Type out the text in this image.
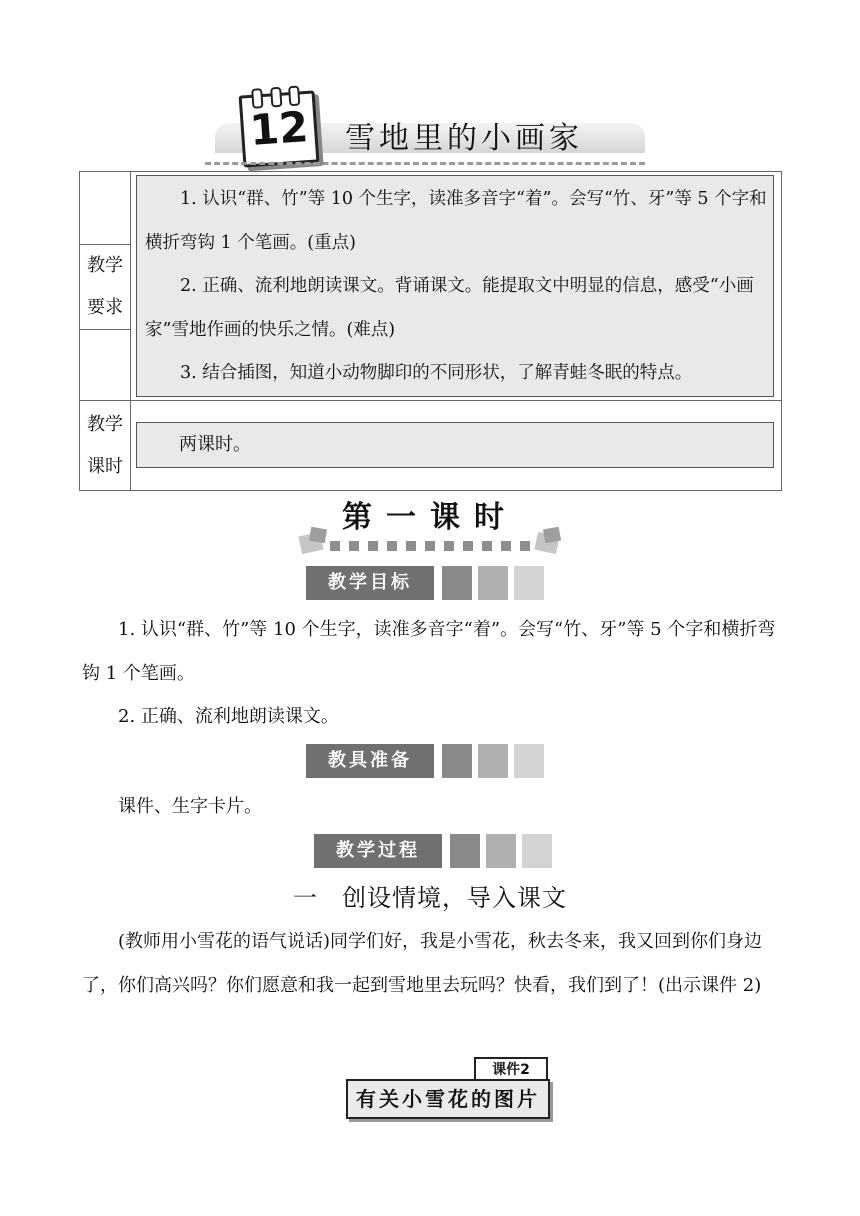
12 雪地里的小画家
教学
要求

1. 认识“群、竹”等 10 个生字，读准多音字“着”。会写“竹、牙”等 5 个字和横折弯钩 1 个笔画。(重点)

2. 正确、流利地朗读课文。背诵课文。能提取文中明显的信息，感受“小画家”雪地作画的快乐之情。(难点)

3. 结合插图，知道小动物脚印的不同形状，了解青蛙冬眠的特点。

教学
课时
两课时。
第一课时
教学目标
1. 认识“群、竹”等 10 个生字，读准多音字“着”。会写“竹、牙”等 5 个字和横折弯钩 1 个笔画。
2. 正确、流利地朗读课文。
教具准备
课件、生字卡片。
教学过程
一 创设情境，导入课文
(教师用小雪花的语气说话)同学们好，我是小雪花，秋去冬来，我又回到你们身边了，你们高兴吗？你们愿意和我一起到雪地里去玩吗？快看，我们到了！(出示课件 2)
课件2
有关小雪花的图片
